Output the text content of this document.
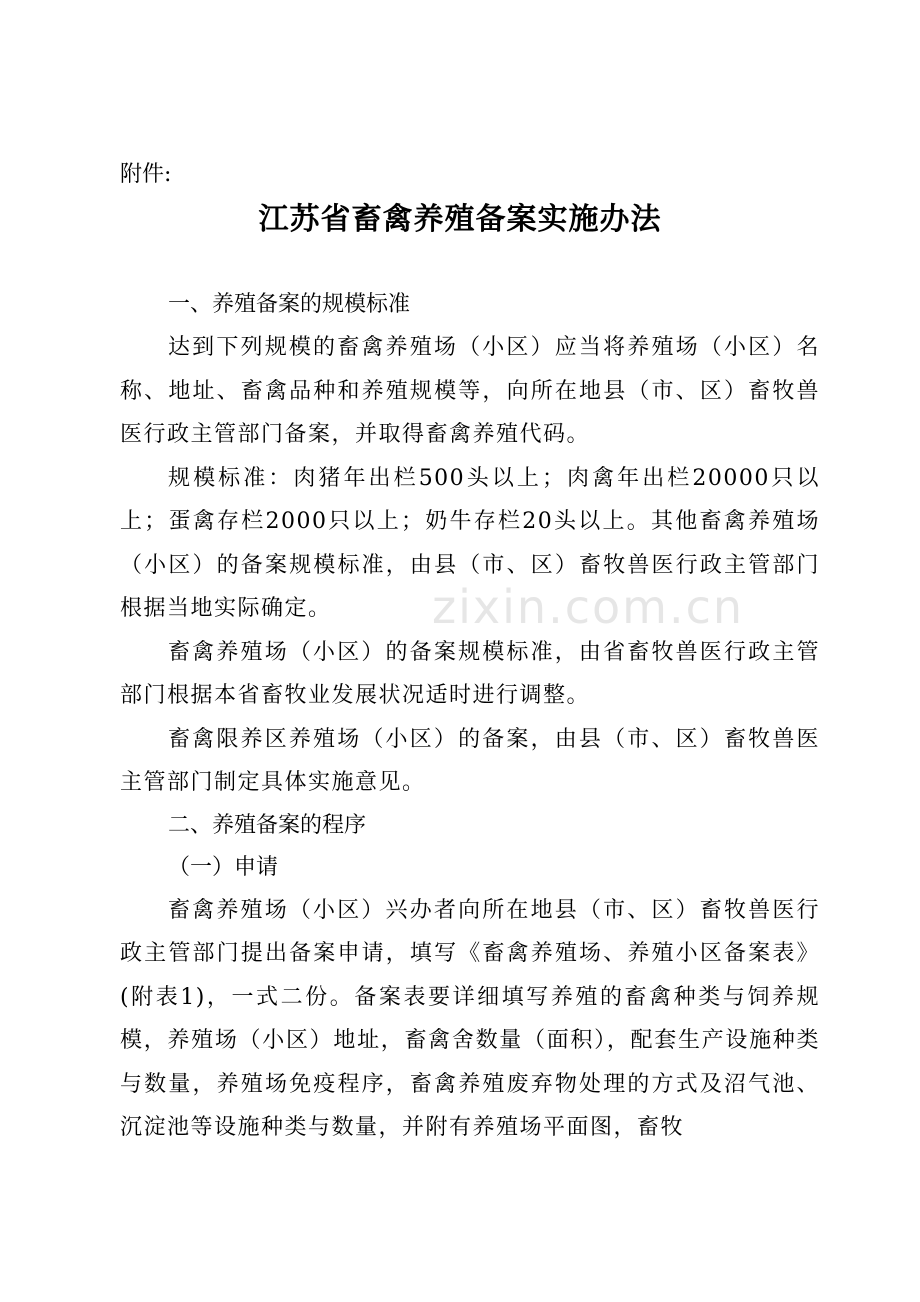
zixin.com.cn
附件:
江苏省畜禽养殖备案实施办法
一、养殖备案的规模标准

达到下列规模的畜禽养殖场（小区）应当将养殖场（小区）名称、地址、畜禽品种和养殖规模等，向所在地县（市、区）畜牧兽医行政主管部门备案，并取得畜禽养殖代码。

规模标准：肉猪年出栏500头以上；肉禽年出栏20000只以上；蛋禽存栏2000只以上；奶牛存栏20头以上。其他畜禽养殖场（小区）的备案规模标准，由县（市、区）畜牧兽医行政主管部门根据当地实际确定。

畜禽养殖场（小区）的备案规模标准，由省畜牧兽医行政主管部门根据本省畜牧业发展状况适时进行调整。

畜禽限养区养殖场（小区）的备案，由县（市、区）畜牧兽医主管部门制定具体实施意见。

二、养殖备案的程序
（一）申请

畜禽养殖场（小区）兴办者向所在地县（市、区）畜牧兽医行政主管部门提出备案申请，填写《畜禽养殖场、养殖小区备案表》(附表1)，一式二份。备案表要详细填写养殖的畜禽种类与饲养规模，养殖场（小区）地址，畜禽舍数量（面积），配套生产设施种类与数量，养殖场免疫程序，畜禽养殖废弃物处理的方式及沼气池、沉淀池等设施种类与数量，并附有养殖场平面图，畜牧
